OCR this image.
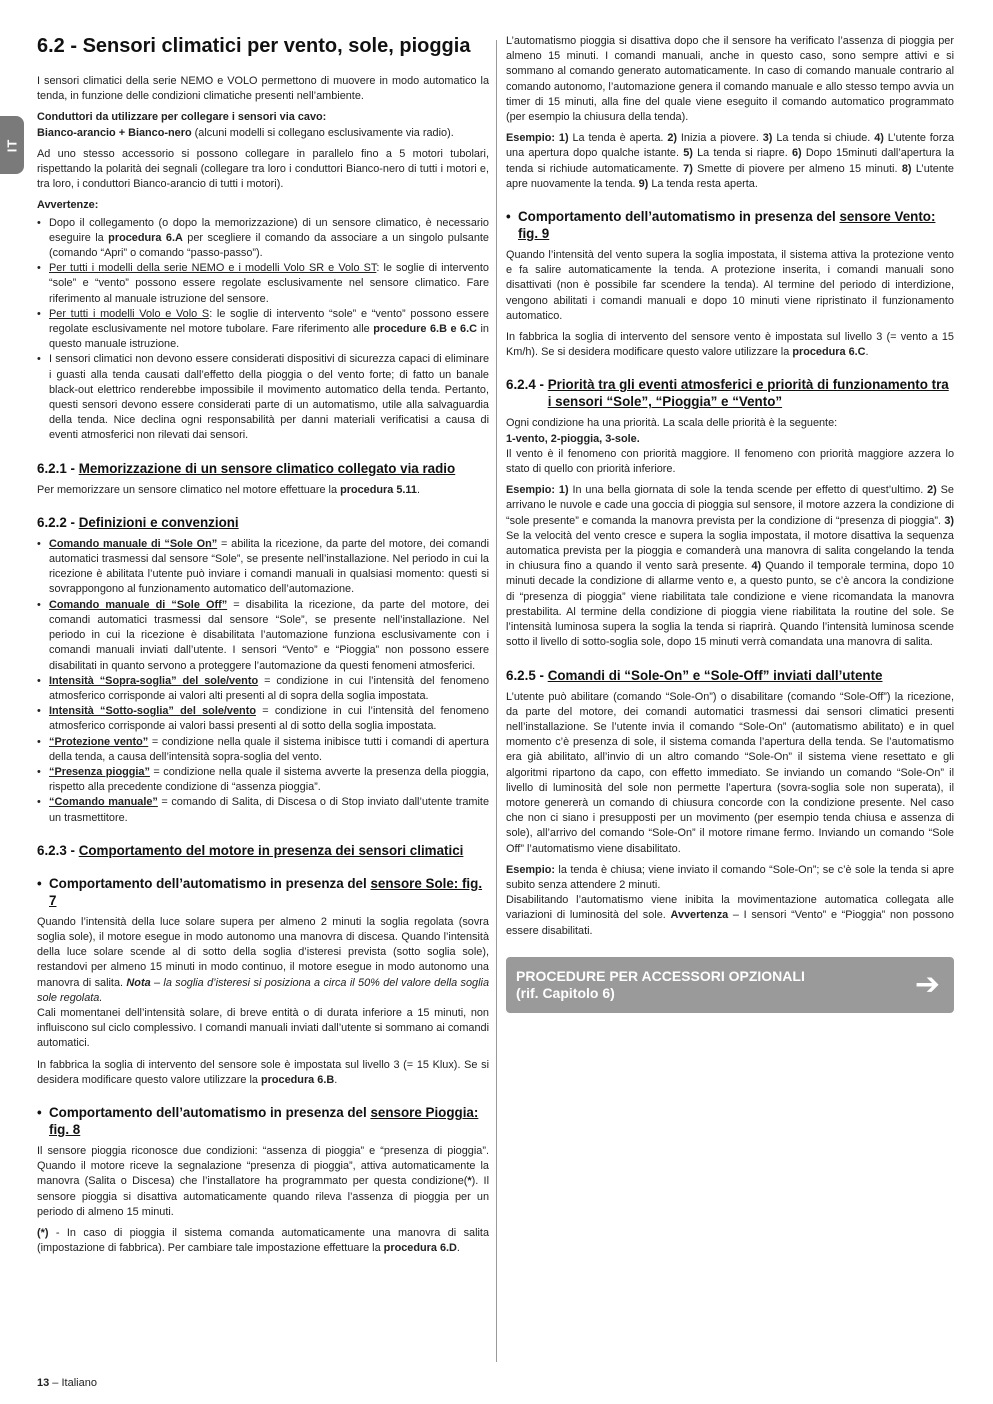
IT
6.2 - Sensori climatici per vento, sole, pioggia

I sensori climatici della serie NEMO e VOLO permettono di muovere in modo automatico la tenda, in funzione delle condizioni climatiche presenti nell’ambiente.

Conduttori da utilizzare per collegare i sensori via cavo:
Bianco-arancio + Bianco-nero (alcuni modelli si collegano esclusivamente via radio).

Ad uno stesso accessorio si possono collegare in parallelo fino a 5 motori tubolari, rispettando la polarità dei segnali (collegare tra loro i conduttori Bianco-nero di tutti i motori e, tra loro, i conduttori Bianco-arancio di tutti i motori).

Avvertenze:

• Dopo il collegamento (o dopo la memorizzazione) di un sensore climatico, è necessario eseguire la procedura 6.A per scegliere il comando da associare a un singolo pulsante (comando “Apri” o comando “passo-passo”).
• Per tutti i modelli della serie NEMO e i modelli Volo SR e Volo ST: le soglie di intervento “sole” e “vento” possono essere regolate esclusivamente nel sensore climatico. Fare riferimento al manuale istruzione del sensore.
• Per tutti i modelli Volo e Volo S: le soglie di intervento “sole” e “vento” possono essere regolate esclusivamente nel motore tubolare. Fare riferimento alle procedure 6.B e 6.C in questo manuale istruzione.
• I sensori climatici non devono essere considerati dispositivi di sicurezza capaci di eliminare i guasti alla tenda causati dall’effetto della pioggia o del vento forte; di fatto un banale black-out elettrico renderebbe impossibile il movimento automatico della tenda. Pertanto, questi sensori devono essere considerati parte di un automatismo, utile alla salvaguardia della tenda. Nice declina ogni responsabilità per danni materiali verificatisi a causa di eventi atmosferici non rilevati dai sensori.
6.2.1 - Memorizzazione di un sensore climatico collegato via radio

Per memorizzare un sensore climatico nel motore effettuare la procedura 5.11.

6.2.2 - Definizioni e convenzioni
• Comando manuale di “Sole On” = abilita la ricezione, da parte del motore, dei comandi automatici trasmessi dal sensore “Sole”, se presente nell’installazione. Nel periodo in cui la ricezione è abilitata l’utente può inviare i comandi manuali in qualsiasi momento: questi si sovrappongono al funzionamento automatico dell’automazione.
• Comando manuale di “Sole Off” = disabilita la ricezione, da parte del motore, dei comandi automatici trasmessi dal sensore “Sole”, se presente nell’installazione. Nel periodo in cui la ricezione è disabilitata l’automazione funziona esclusivamente con i comandi manuali inviati dall’utente. I sensori “Vento” e “Pioggia” non possono essere disabilitati in quanto servono a proteggere l’automazione da questi fenomeni atmosferici.
• Intensità “Sopra-soglia” del sole/vento = condizione in cui l’intensità del fenomeno atmosferico corrisponde ai valori alti presenti al di sopra della soglia impostata.
• Intensità “Sotto-soglia” del sole/vento = condizione in cui l’intensità del fenomeno atmosferico corrisponde ai valori bassi presenti al di sotto della soglia impostata.
• “Protezione vento” = condizione nella quale il sistema inibisce tutti i comandi di apertura della tenda, a causa dell’intensità sopra-soglia del vento.
• “Presenza pioggia” = condizione nella quale il sistema avverte la presenza della pioggia, rispetto alla precedente condizione di “assenza pioggia”.
• “Comando manuale” = comando di Salita, di Discesa o di Stop inviato dall’utente tramite un trasmettitore.
6.2.3 - Comportamento del motore in presenza dei sensori climatici
• Comportamento dell’automatismo in presenza del sensore Sole: fig. 7

Quando l’intensità della luce solare supera per almeno 2 minuti la soglia regolata (sovra soglia sole), il motore esegue in modo autonomo una manovra di discesa. Quando l’intensità della luce solare scende al di sotto della soglia d’isteresi prevista (sotto soglia sole), restandovi per almeno 15 minuti in modo continuo, il motore esegue in modo autonomo una manovra di salita. Nota – la soglia d’isteresi si posiziona a circa il 50% del valore della soglia sole regolata.
Cali momentanei dell’intensità solare, di breve entità o di durata inferiore a 15 minuti, non influiscono sul ciclo complessivo. I comandi manuali inviati dall’utente si sommano ai comandi automatici.

In fabbrica la soglia di intervento del sensore sole è impostata sul livello 3 (= 15 Klux). Se si desidera modificare questo valore utilizzare la procedura 6.B.

• Comportamento dell’automatismo in presenza del sensore Pioggia: fig. 8

Il sensore pioggia riconosce due condizioni: “assenza di pioggia” e “presenza di pioggia”. Quando il motore riceve la segnalazione “presenza di pioggia”, attiva automaticamente la manovra (Salita o Discesa) che l’installatore ha programmato per questa condizione(*). Il sensore pioggia si disattiva automaticamente quando rileva l’assenza di pioggia per un periodo di almeno 15 minuti.

(*) - In caso di pioggia il sistema comanda automaticamente una manovra di salita (impostazione di fabbrica). Per cambiare tale impostazione effettuare la procedura 6.D.

L’automatismo pioggia si disattiva dopo che il sensore ha verificato l’assenza di pioggia per almeno 15 minuti. I comandi manuali, anche in questo caso, sono sempre attivi e si sommano al comando generato automaticamente. In caso di comando manuale contrario al comando autonomo, l’automazione genera il comando manuale e allo stesso tempo avvia un timer di 15 minuti, alla fine del quale viene eseguito il comando automatico programmato (per esempio la chiusura della tenda).

Esempio: 1) La tenda è aperta. 2) Inizia a piovere. 3) La tenda si chiude. 4) L’utente forza una apertura dopo qualche istante. 5) La tenda si riapre. 6) Dopo 15minuti dall’apertura la tenda si richiude automaticamente. 7) Smette di piovere per almeno 15 minuti. 8) L’utente apre nuovamente la tenda. 9) La tenda resta aperta.

• Comportamento dell’automatismo in presenza del sensore Vento: fig. 9

Quando l’intensità del vento supera la soglia impostata, il sistema attiva la protezione vento e fa salire automaticamente la tenda. A protezione inserita, i comandi manuali sono disattivati (non è possibile far scendere la tenda). Al termine del periodo di interdizione, vengono abilitati i comandi manuali e dopo 10 minuti viene ripristinato il funzionamento automatico.

In fabbrica la soglia di intervento del sensore vento è impostata sul livello 3 (= vento a 15 Km/h). Se si desidera modificare questo valore utilizzare la procedura 6.C.

6.2.4 - Priorità tra gli eventi atmosferici e priorità di funzionamento tra i sensori “Sole”, “Pioggia” e “Vento”

Ogni condizione ha una priorità. La scala delle priorità è la seguente:
1-vento, 2-pioggia, 3-sole.
Il vento è il fenomeno con priorità maggiore. Il fenomeno con priorità maggiore azzera lo stato di quello con priorità inferiore.

Esempio: 1) In una bella giornata di sole la tenda scende per effetto di quest’ultimo. 2) Se arrivano le nuvole e cade una goccia di pioggia sul sensore, il motore azzera la condizione di “sole presente” e comanda la manovra prevista per la condizione di “presenza di pioggia”. 3) Se la velocità del vento cresce e supera la soglia impostata, il motore disattiva la sequenza automatica prevista per la pioggia e comanderà una manovra di salita congelando la tenda in chiusura fino a quando il vento sarà presente. 4) Quando il temporale termina, dopo 10 minuti decade la condizione di allarme vento e, a questo punto, se c’è ancora la condizione di “presenza di pioggia” viene riabilitata tale condizione e viene ricomandata la manovra prestabilita. Al termine della condizione di pioggia viene riabilitata la routine del sole. Se l’intensità luminosa supera la soglia la tenda si riaprirà. Quando l’intensità luminosa scende sotto il livello di sotto-soglia sole, dopo 15 minuti verrà comandata una manovra di salita.

6.2.5 - Comandi di “Sole-On” e “Sole-Off” inviati dall’utente

L’utente può abilitare (comando “Sole-On”) o disabilitare (comando “Sole-Off”) la ricezione, da parte del motore, dei comandi automatici trasmessi dai sensori climatici presenti nell’installazione. Se l’utente invia il comando “Sole-On” (automatismo abilitato) e in quel momento c’è presenza di sole, il sistema comanda l’apertura della tenda. Se l’automatismo era già abilitato, all’invio di un altro comando “Sole-On” il sistema viene resettato e gli algoritmi ripartono da capo, con effetto immediato. Se inviando un comando “Sole-On” il livello di luminosità del sole non permette l’apertura (sovra-soglia sole non superata), il motore genererà un comando di chiusura concorde con la condizione presente. Nel caso che non ci siano i presupposti per un movimento (per esempio tenda chiusa e assenza di sole), all’arrivo del comando “Sole-On” il motore rimane fermo. Inviando un comando “Sole Off” l’automatismo viene disabilitato.

Esempio: la tenda è chiusa; viene inviato il comando “Sole-On”; se c’è sole la tenda si apre subito senza attendere 2 minuti.

Disabilitando l’automatismo viene inibita la movimentazione automatica collegata alle variazioni di luminosità del sole. Avvertenza – I sensori “Vento” e “Pioggia” non possono essere disabilitati.

PROCEDURE PER ACCESSORI OPZIONALI
(rif. Capitolo 6)	➔
13 – Italiano
